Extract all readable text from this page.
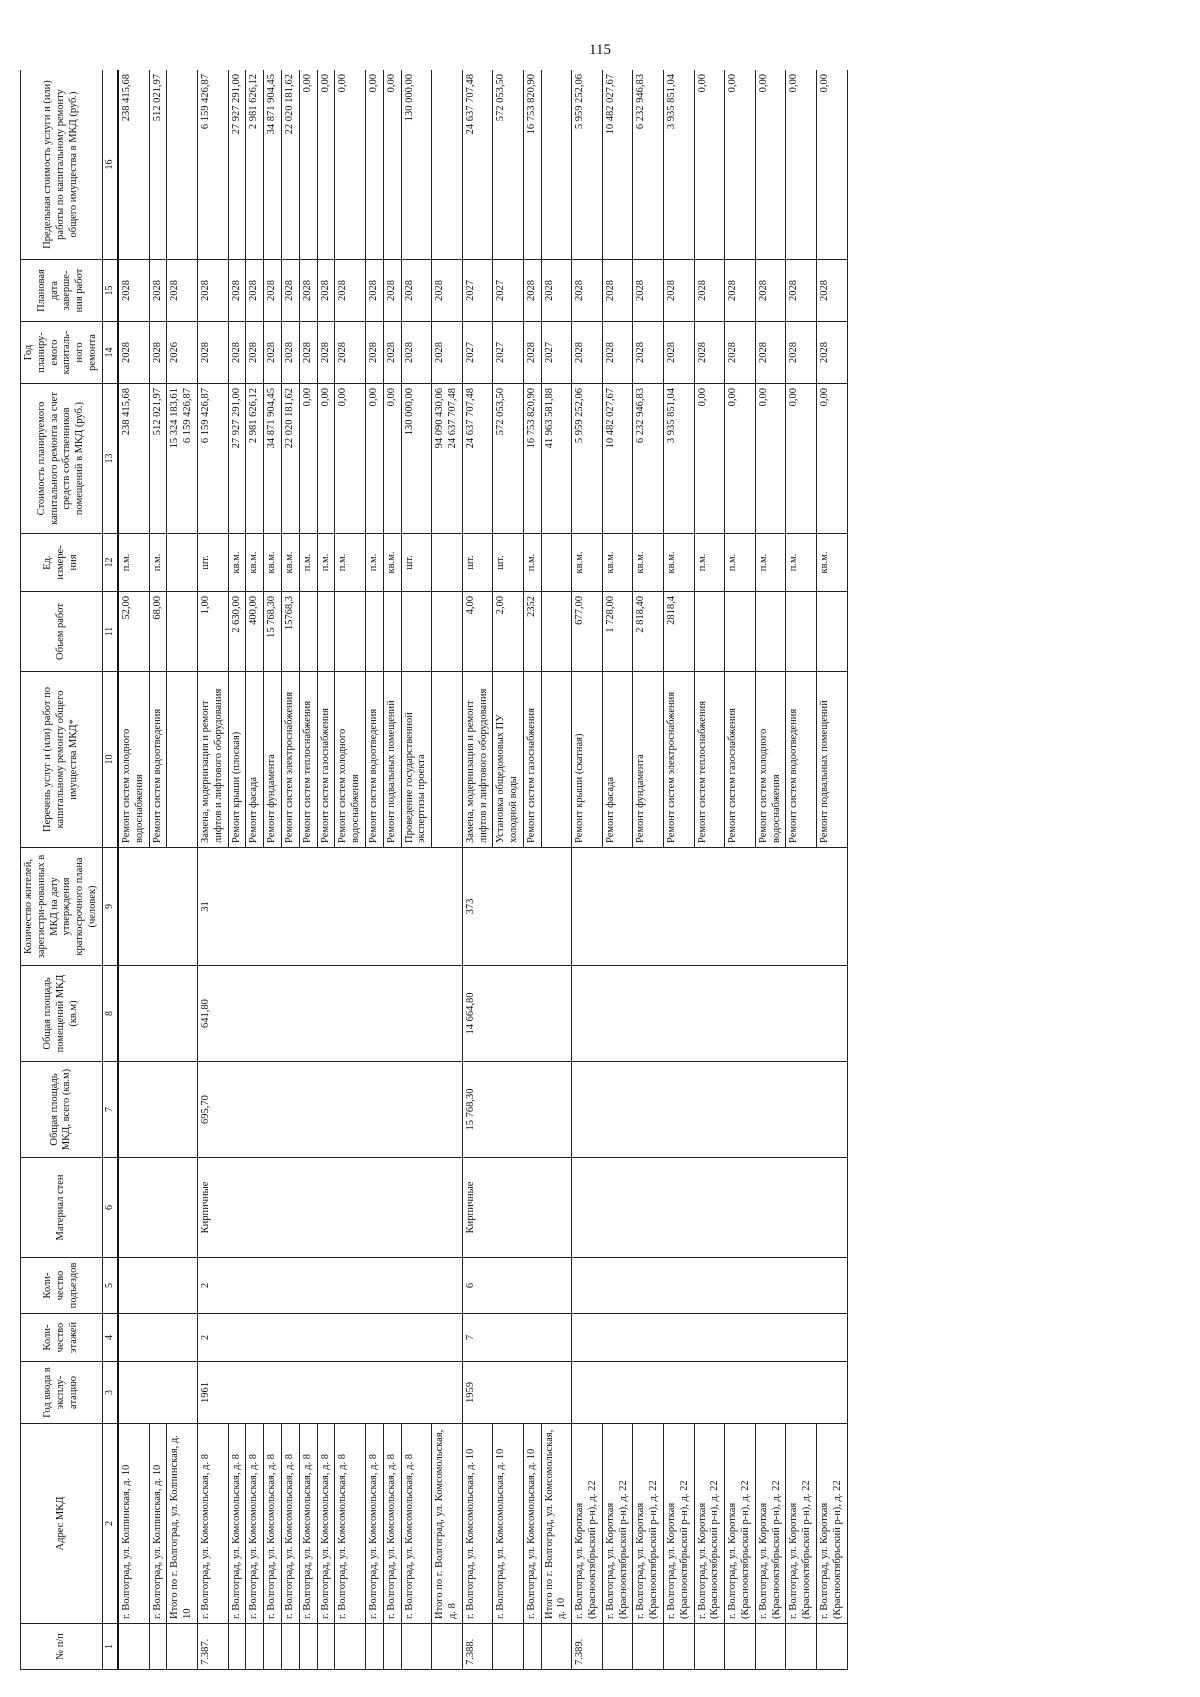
115
№ п/п	Адрес МКД	Год ввода в эксплу-атацию	Коли-чество этажей	Коли-чество подъездов	Материал стен	Общая площадь МКД, всего (кв.м)	Общая площадь помещений МКД (кв.м)	Количество жителей, зарегистри-рованных в МКД на дату утверждения краткосрочного плана (человек)	Перечень услуг и (или) работ по капитальному ремонту общего имущества МКД*	Объем работ	Ед. измере-ния	Стоимость планируемого капитального ремонта за счет средств собственников помещений в МКД (руб.)	Год планиру-емого капиталь-ного ремонта	Плановая дата заверше-ния работ	Предельная стоимость услуги и (или) работы по капитальному ремонту общего имущества в МКД (руб.)
1	2	3	4	5	6	7	8	9	10	11	12	13	14	15	16

	г. Волгоград, ул. Колпинская, д. 10								Ремонт систем холодного водоснабжения	52,00	п.м.	238 415,68	2028	2028	238 415,68

	г. Волгоград, ул. Колпинская, д. 10								Ремонт систем водоотведения	68,00	п.м.	512 021,97	2028	2028	512 021,97

	Итого по г. Волгоград, ул. Колпинская, д. 10											15 324 183,61 6 159 426,87	2026	2028	

7.387.	г. Волгоград, ул. Комсомольская, д. 8	1961	2	2	Кирпичные	695,70	641,80	31	Замена, модернизация и ремонт лифтов и лифтового оборудования	1,00	шт.	6 159 426,87	2028	2028	6 159 426,87

	г. Волгоград, ул. Комсомольская, д. 8								Ремонт крыши (плоская)	2 630,00	кв.м.	27 927 291,00	2028	2028	27 927 291,00

	г. Волгоград, ул. Комсомольская, д. 8								Ремонт фасада	400,00	кв.м.	2 981 626,12	2028	2028	2 981 626,12

	г. Волгоград, ул. Комсомольская, д. 8								Ремонт фундамента	15 768,30	кв.м.	34 871 904,45	2028	2028	34 871 904,45

	г. Волгоград, ул. Комсомольская, д. 8								Ремонт систем электроснабжения	15768,3	кв.м.	22 020 181,62	2028	2028	22 020 181,62

	г. Волгоград, ул. Комсомольская, д. 8								Ремонт систем теплоснабжения		п.м.	0,00	2028	2028	0,00

	г. Волгоград, ул. Комсомольская, д. 8								Ремонт систем газоснабжения		п.м.	0,00	2028	2028	0,00

	г. Волгоград, ул. Комсомольская, д. 8								Ремонт систем холодного водоснабжения		п.м.	0,00	2028	2028	0,00

	г. Волгоград, ул. Комсомольская, д. 8								Ремонт систем водоотведения		п.м.	0,00	2028	2028	0,00

	г. Волгоград, ул. Комсомольская, д. 8								Ремонт подвальных помещений		кв.м.	0,00	2028	2028	0,00

	г. Волгоград, ул. Комсомольская, д. 8								Проведение государственной экспертизы проекта		шт.	130 000,00	2028	2028	130 000,00

	Итого по г. Волгоград, ул. Комсомольская, д. 8											94 090 430,06 24 637 707,48	2028	2028	

7.388.	г. Волгоград, ул. Комсомольская, д. 10	1959	7	6	Кирпичные	15 768,30	14 664,80	373	Замена, модернизация и ремонт лифтов и лифтового оборудования	4,00	шт.	24 637 707,48	2027	2027	24 637 707,48

	г. Волгоград, ул. Комсомольская, д. 10								Установка общедомовых ПУ холодной воды	2,00	шт.	572 053,50	2027	2027	572 053,50

	г. Волгоград, ул. Комсомольская, д. 10								Ремонт систем газоснабжения	2352	п.м.	16 753 820,90	2028	2028	16 753 820,90

	Итого по г. Волгоград, ул. Комсомольская, д. 10											41 963 581,88	2027	2028	

7.389.	г. Волгоград, ул. Короткая (Краснооктябрьский р-н), д. 22								Ремонт крыши (скатная)	677,00	кв.м.	5 959 252,06	2028	2028	5 959 252,06

	г. Волгоград, ул. Короткая (Краснооктябрьский р-н), д. 22								Ремонт фасада	1 728,00	кв.м.	10 482 027,67	2028	2028	10 482 027,67

	г. Волгоград, ул. Короткая (Краснооктябрьский р-н), д. 22								Ремонт фундамента	2 818,40	кв.м.	6 232 946,83	2028	2028	6 232 946,83

	г. Волгоград, ул. Короткая (Краснооктябрьский р-н), д. 22								Ремонт систем электроснабжения	2818,4	кв.м.	3 935 851,04	2028	2028	3 935 851,04

	г. Волгоград, ул. Короткая (Краснооктябрьский р-н), д. 22								Ремонт систем теплоснабжения		п.м.	0,00	2028	2028	0,00

	г. Волгоград, ул. Короткая (Краснооктябрьский р-н), д. 22								Ремонт систем газоснабжения		п.м.	0,00	2028	2028	0,00

	г. Волгоград, ул. Короткая (Краснооктябрьский р-н), д. 22								Ремонт систем холодного водоснабжения		п.м.	0,00	2028	2028	0,00

	г. Волгоград, ул. Короткая (Краснооктябрьский р-н), д. 22								Ремонт систем водоотведения		п.м.	0,00	2028	2028	0,00

	г. Волгоград, ул. Короткая (Краснооктябрьский р-н), д. 22								Ремонт подвальных помещений		кв.м.	0,00	2028	2028	0,00
